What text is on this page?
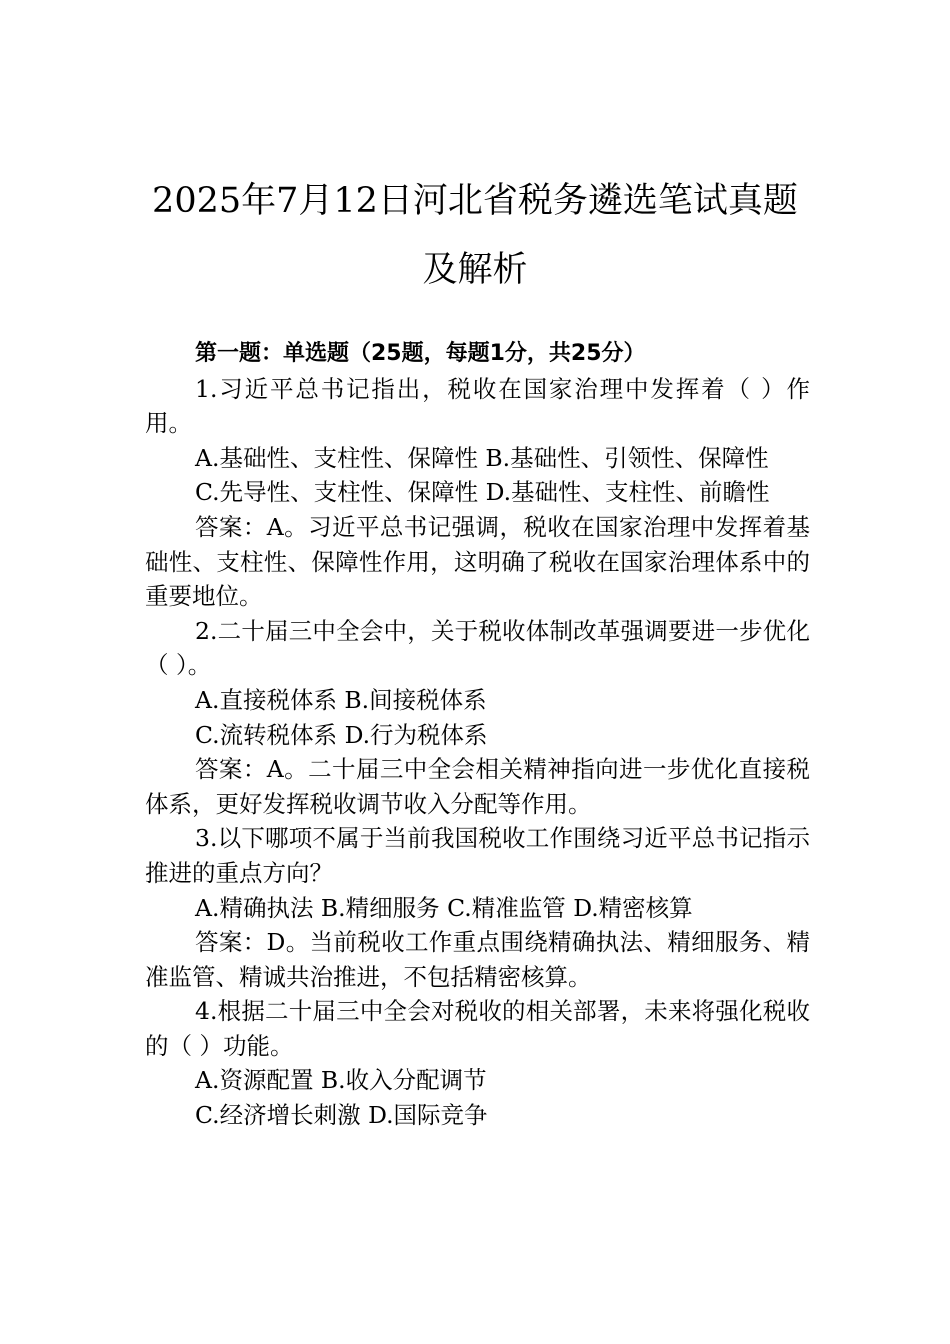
2025年7月12日河北省税务遴选笔试真题
及解析

第一题：单选题（25题，每题1分，共25分）

1.习近平总书记指出，税收在国家治理中发挥着（ ）作用。

A.基础性、支柱性、保障性 B.基础性、引领性、保障性

C.先导性、支柱性、保障性 D.基础性、支柱性、前瞻性

答案：A。习近平总书记强调，税收在国家治理中发挥着基础性、支柱性、保障性作用，这明确了税收在国家治理体系中的重要地位。

2.二十届三中全会中，关于税收体制改革强调要进一步优化（ ）。

A.直接税体系 B.间接税体系

C.流转税体系 D.行为税体系

答案：A。二十届三中全会相关精神指向进一步优化直接税体系，更好发挥税收调节收入分配等作用。

3.以下哪项不属于当前我国税收工作围绕习近平总书记指示推进的重点方向？

A.精确执法 B.精细服务 C.精准监管 D.精密核算

答案：D。当前税收工作重点围绕精确执法、精细服务、精准监管、精诚共治推进，不包括精密核算。

4.根据二十届三中全会对税收的相关部署，未来将强化税收的（ ）功能。

A.资源配置 B.收入分配调节

C.经济增长刺激 D.国际竞争
